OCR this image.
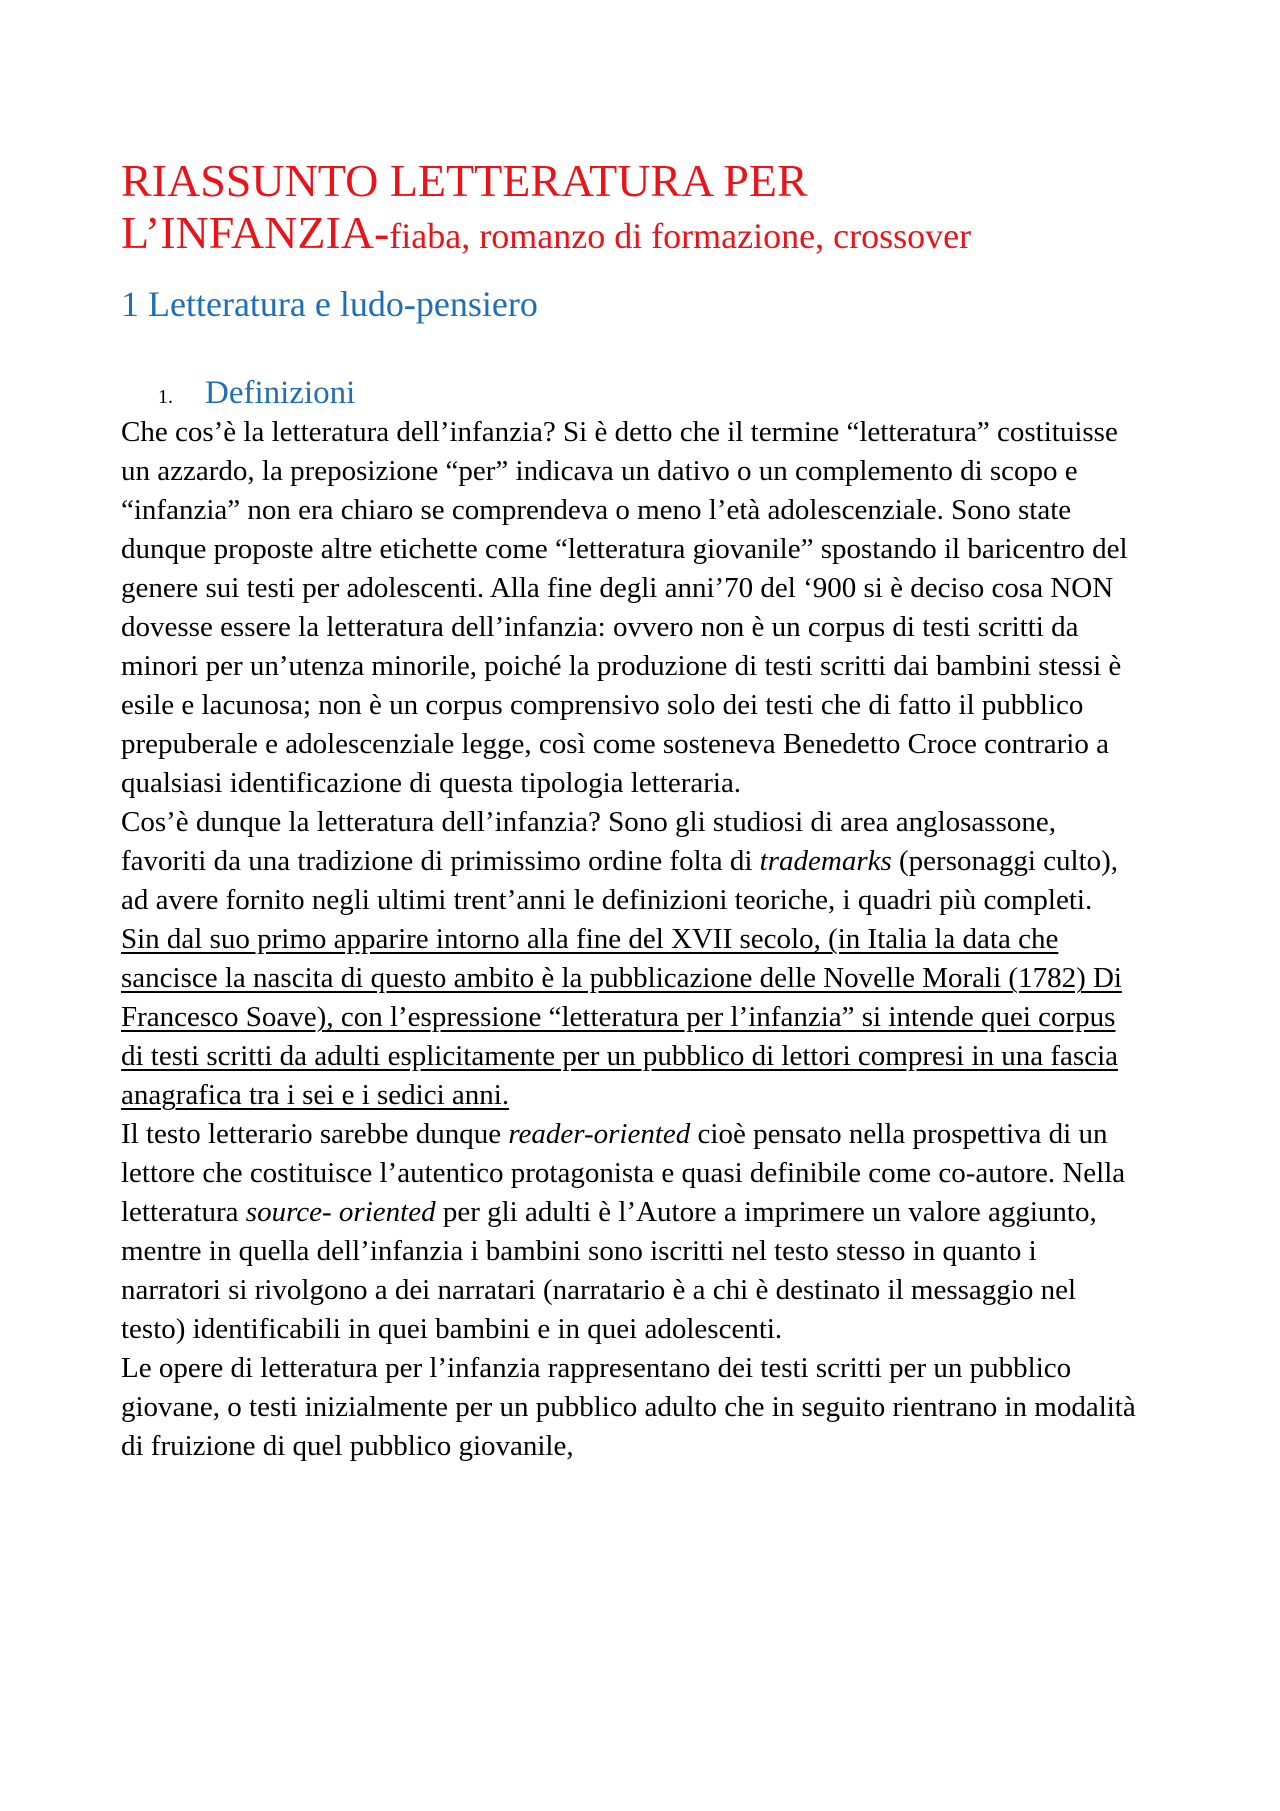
RIASSUNTO LETTERATURA PER
L’INFANZIA-fiaba, romanzo di formazione, crossover
1 Letteratura e ludo-pensiero
1. Definizioni

Che cos’è la letteratura dell’infanzia? Si è detto che il termine “letteratura” costituisse un azzardo, la preposizione “per” indicava un dativo o un complemento di scopo e “infanzia” non era chiaro se comprendeva o meno l’età adolescenziale. Sono state dunque proposte altre etichette come “letteratura giovanile” spostando il baricentro del genere sui testi per adolescenti. Alla fine degli anni’70 del ‘900 si è deciso cosa NON dovesse essere la letteratura dell’infanzia: ovvero non è un corpus di testi scritti da minori per un’utenza minorile, poiché la produzione di testi scritti dai bambini stessi è esile e lacunosa; non è un corpus comprensivo solo dei testi che di fatto il pubblico prepuberale e adolescenziale legge, così come sosteneva Benedetto Croce contrario a qualsiasi identificazione di questa tipologia letteraria.

Cos’è dunque la letteratura dell’infanzia? Sono gli studiosi di area anglosassone, favoriti da una tradizione di primissimo ordine folta di trademarks (personaggi culto), ad avere fornito negli ultimi trent’anni le definizioni teoriche, i quadri più completi.

Sin dal suo primo apparire intorno alla fine del XVII secolo, (in Italia la data che sancisce la nascita di questo ambito è la pubblicazione delle Novelle Morali (1782) Di Francesco Soave), con l’espressione “letteratura per l’infanzia” si intende quei corpus di testi scritti da adulti esplicitamente per un pubblico di lettori compresi in una fascia anagrafica tra i sei e i sedici anni.

Il testo letterario sarebbe dunque reader-oriented cioè pensato nella prospettiva di un lettore che costituisce l’autentico protagonista e quasi definibile come co-autore. Nella letteratura source- oriented per gli adulti è l’Autore a imprimere un valore aggiunto, mentre in quella dell’infanzia i bambini sono iscritti nel testo stesso in quanto i narratori si rivolgono a dei narratari (narratario è a chi è destinato il messaggio nel testo) identificabili in quei bambini e in quei adolescenti.

Le opere di letteratura per l’infanzia rappresentano dei testi scritti per un pubblico giovane, o testi inizialmente per un pubblico adulto che in seguito rientrano in modalità di fruizione di quel pubblico giovanile,
